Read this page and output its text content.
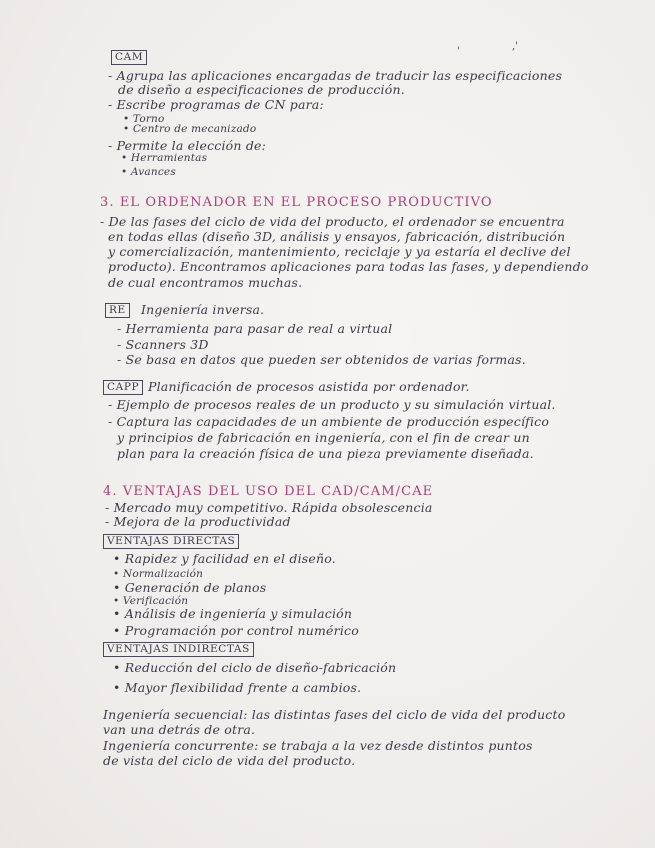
CAM	'	,'
- Agrupa las aplicaciones encargadas de traducir las especificaciones
de diseño a especificaciones de producción.
- Escribe programas de CN para:
• Torno
• Centro de mecanizado
- Permite la elección de:
• Herramientas
• Avances
3. EL ORDENADOR EN EL PROCESO PRODUCTIVO
- De las fases del ciclo de vida del producto, el ordenador se encuentra
en todas ellas (diseño 3D, análisis y ensayos, fabricación, distribución
y comercialización, mantenimiento, reciclaje y ya estaría el declive del
producto). Encontramos aplicaciones para todas las fases, y dependiendo
de cual encontramos muchas.
RE	Ingeniería inversa.
- Herramienta para pasar de real a virtual
- Scanners 3D
- Se basa en datos que pueden ser obtenidos de varias formas.
CAPP Planificación de procesos asistida por ordenador.
- Ejemplo de procesos reales de un producto y su simulación virtual.
- Captura las capacidades de un ambiente de producción específico
y principios de fabricación en ingeniería, con el fin de crear un
plan para la creación física de una pieza previamente diseñada.
4. VENTAJAS DEL USO DEL CAD/CAM/CAE
- Mercado muy competitivo. Rápida obsolescencia
- Mejora de la productividad
VENTAJAS DIRECTAS
• Rapidez y facilidad en el diseño.
• Normalización
• Generación de planos
• Verificación
• Análisis de ingeniería y simulación
• Programación por control numérico
VENTAJAS INDIRECTAS
• Reducción del ciclo de diseño-fabricación
• Mayor flexibilidad frente a cambios.
Ingeniería secuencial: las distintas fases del ciclo de vida del producto
van una detrás de otra.
Ingeniería concurrente: se trabaja a la vez desde distintos puntos
de vista del ciclo de vida del producto.
